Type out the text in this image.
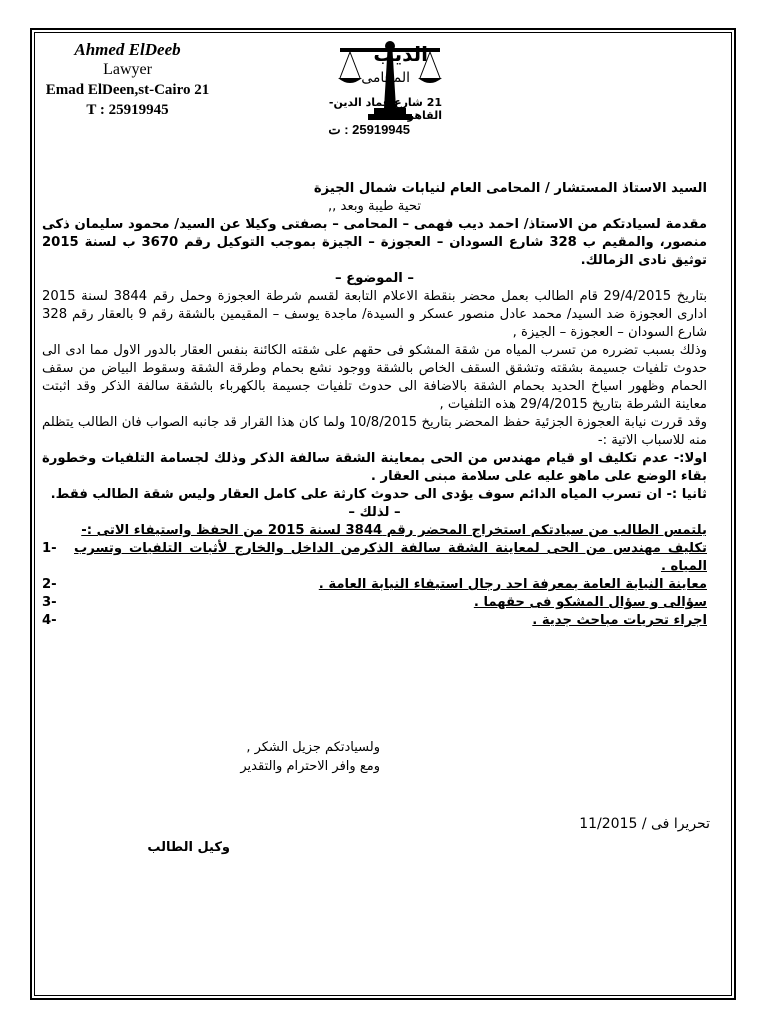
Ahmed ElDeeb
Lawyer
Emad ElDeen,st-Cairo 21
T : 25919945
الديب
المحامى
21 شارع عماد الدين-القاهرة
25919945 : ت

السيد الاستاذ المستشار / المحامى العام لنيابات شمال الجيزة

تحية طيبة وبعد ,,

مقدمة لسيادتكم من الاستاذ/ احمد ديب فهمى – المحامى – بصفتى وكيلا عن السيد/ محمود سليمان ذكى منصور، والمقيم ب 328 شارع السودان – العجوزة – الجيزة بموجب التوكيل رقم 3670 ب لسنة 2015 توثيق نادى الزمالك.

– الموضوع –

بتاريخ 29/4/2015 قام الطالب بعمل محضر بنقطة الاعلام التابعة لقسم شرطة العجوزة وحمل رقم 3844 لسنة 2015 ادارى العجوزة ضد السيد/ محمد عادل منصور عسكر و السيدة/ ماجدة يوسف – المقيمين بالشقة رقم 9 بالعقار رقم 328 شارع السودان – العجوزة – الجيزة ,

وذلك بسبب تضرره من تسرب المياه من شقة المشكو فى حقهم على شقته الكائنة بنفس العقار بالدور الاول مما ادى الى حدوث تلفيات جسيمة بشقته وتشقق السقف الخاص بالشقة ووجود نشع بحمام وطرقة الشقة وسقوط البياض من سقف الحمام وظهور اسياخ الحديد بحمام الشقة بالاضافة الى حدوث تلفيات جسيمة بالكهرباء بالشقة سالفة الذكر وقد اثبتت معاينة الشرطة بتاريخ 29/4/2015 هذه التلفيات ,

وقد قررت نيابة العجوزة الجزئية حفظ المحضر بتاريخ 10/8/2015 ولما كان هذا القرار قد جانبه الصواب فان الطالب يتظلم منه للاسباب الاتية :-

اولا:- عدم تكليف او قيام مهندس من الحى بمعاينة الشقة سالفة الذكر وذلك لجسامة التلفيات وخطورة بقاء الوضع على ماهو عليه على سلامة مبنى العقار .

ثانيا :- ان تسرب المياه الدائم سوف يؤدى الى حدوث كارثة على كامل العقار وليس شقة الطالب فقط.

– لذلك –

يلتمس الطالب من سيادتكم استخراج المحضر رقم 3844 لسنة 2015 من الحفظ واستيفاء الاتى :-

تكليف مهندس من الحى لمعاينة الشقة سالفة الذكرمن الداخل والخارج لأثبات التلفيات وتسرب المياه .
1-
معاينة النيابة العامة بمعرفة احد رجال استيفاء النيابة العامة .
2-
سؤالى و سؤال المشكو فى حقهما .
3-
اجراء تحريات مباحث جدية .
4-
ولسيادتكم جزيل الشكر ,
ومع وافر الاحترام والتقدير
تحريرا فى / 11/2015
وكيل الطالب
